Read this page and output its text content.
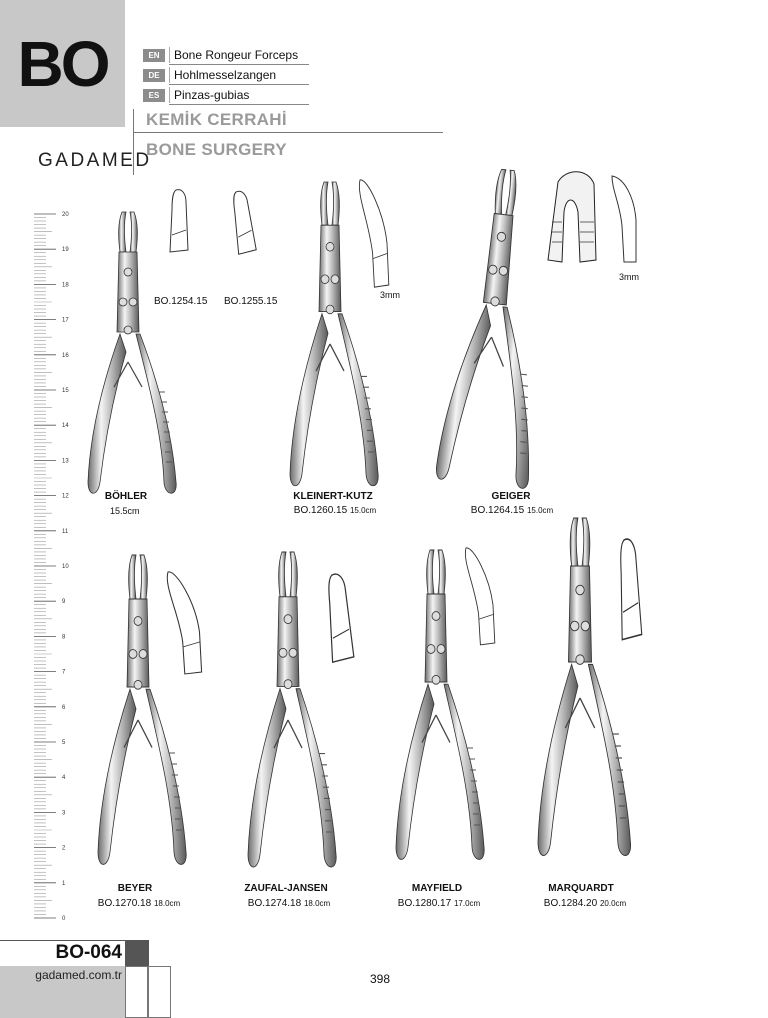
BO	EN	Bone Rongeur Forceps
DE	Hohlmesselzangen
ES	Pinzas-gubias
KEMİK CERRAHİ
BONE SURGERY
GADAMED
20
19
18
17
16
15
14
13
12
11
10
9
8
7
6
5
4
3
2
1
0
BÖHLER
15.5cm
BO.1254.15 BO.1255.15
3mm
3mm
KLEINERT-KUTZ
BO.1260.15 15.0cm
GEIGER
BO.1264.15 15.0cm
BEYER
BO.1270.18 18.0cm
ZAUFAL-JANSEN
BO.1274.18 18.0cm
MAYFIELD
BO.1280.17 17.0cm
MARQUARDT
BO.1284.20 20.0cm
BO-064
gadamed.com.tr	398
